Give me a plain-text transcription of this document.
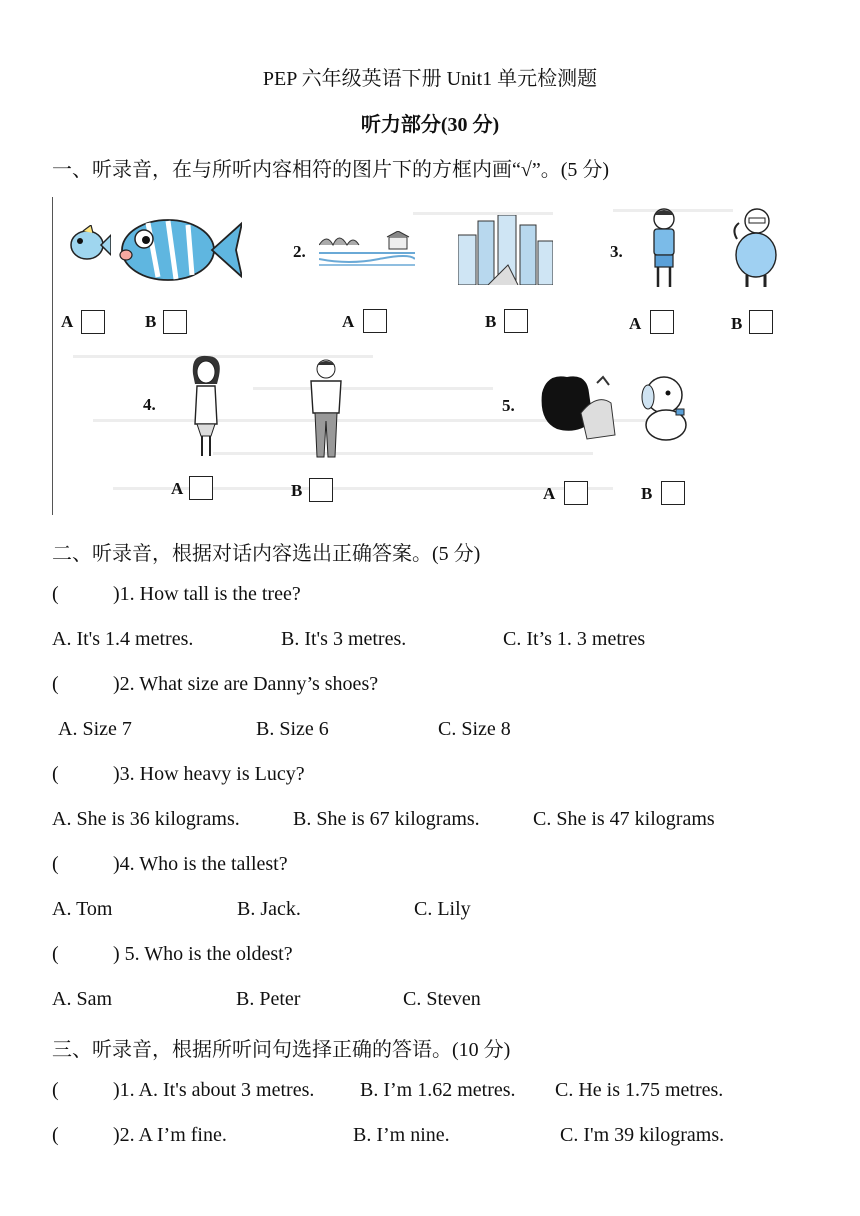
PEP 六年级英语下册 Unit1 单元检测题
听力部分(30 分)
一、听录音，在与所听内容相符的图片下的方框内画“√”。(5 分)
A	B
2.
A	B
3.
A	B
4.
A	B
5.
A	B
二、听录音，根据对话内容选出正确答案。(5 分)
(	)1. How tall is the tree?
A. It's 1.4 metres.	B. It's 3 metres.	C. It’s 1. 3 metres
(	)2. What size are Danny’s shoes?
A. Size 7	B. Size 6	C. Size 8
(	)3. How heavy is Lucy?
A. She is 36 kilograms.	B. She is 67 kilograms.	C. She is 47 kilograms
(	)4. Who is the tallest?
A. Tom	B. Jack.	C. Lily
(	) 5. Who is the oldest?
A. Sam	B. Peter	C. Steven
三、听录音，根据所听问句选择正确的答语。(10 分)
(	)1. A. It's about 3 metres. B. I’m 1.62 metres. C. He is 1.75 metres.
(	)2. A I’m fine.	B. I’m nine.	C. I'm 39 kilograms.
